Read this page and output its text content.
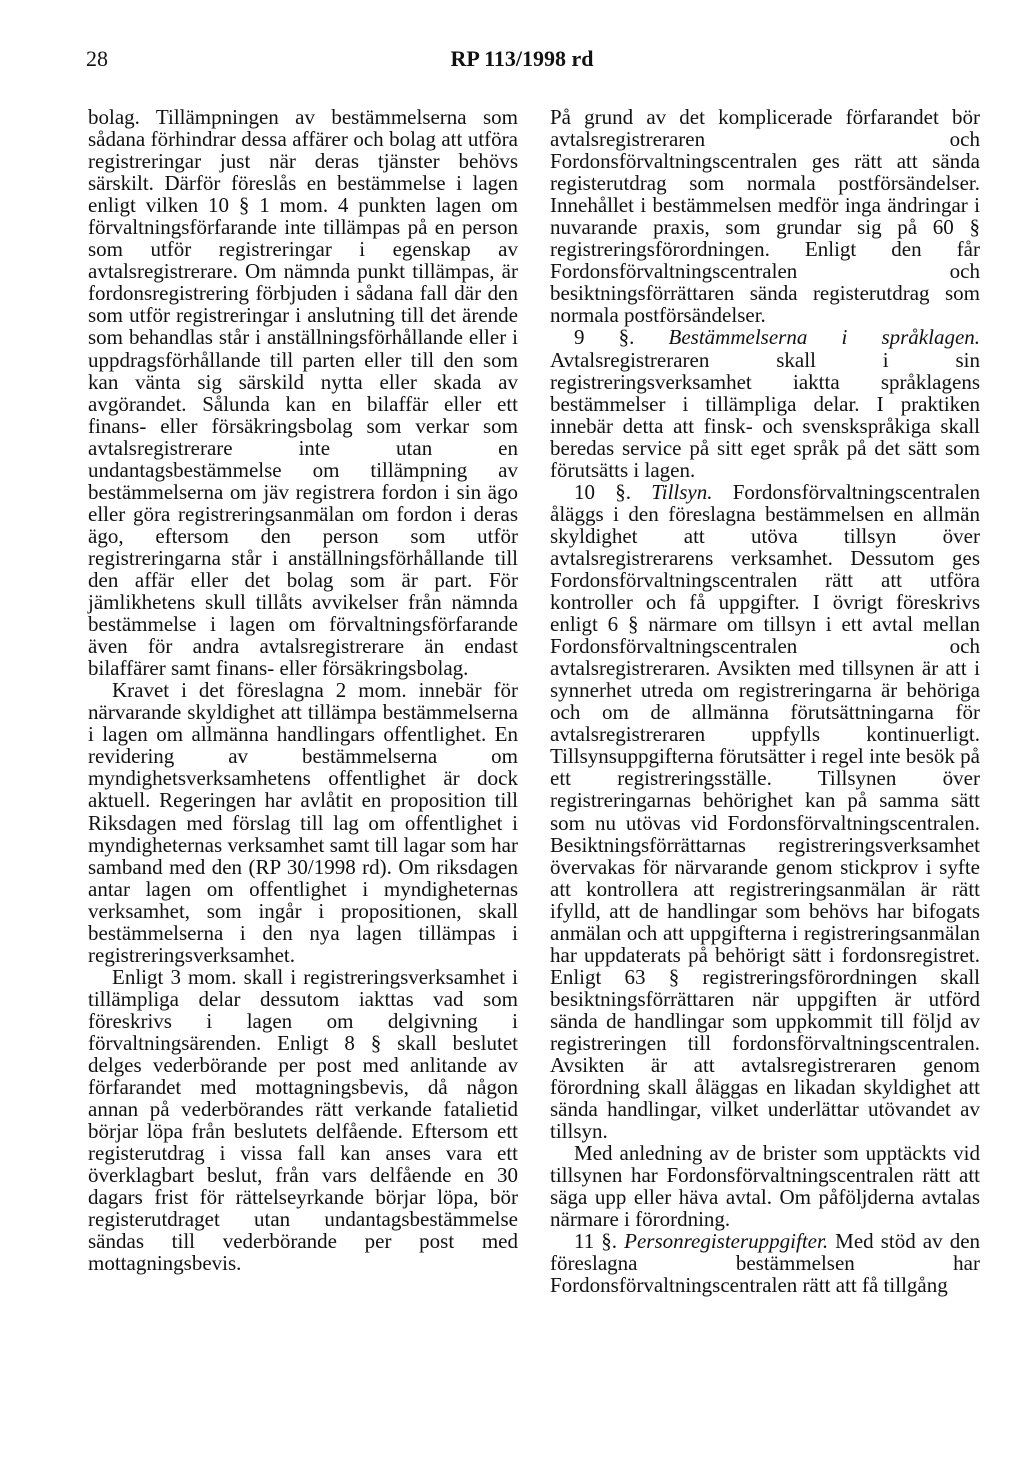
28	RP 113/1998 rd

bolag. Tillämpningen av bestämmelserna som sådana förhindrar dessa affärer och bolag att utföra registreringar just när deras tjänster behövs särskilt. Därför föreslås en bestämmelse i lagen enligt vilken 10 § 1 mom. 4 punkten lagen om förvaltningsförfarande inte tillämpas på en person som utför registreringar i egenskap av avtalsregistrerare. Om nämnda punkt tillämpas, är fordonsregistrering förbjuden i sådana fall där den som utför registreringar i anslutning till det ärende som behandlas står i anställningsförhållande eller i uppdragsförhållande till parten eller till den som kan vänta sig särskild nytta eller skada av avgörandet. Sålunda kan en bilaffär eller ett finans- eller försäkringsbolag som verkar som avtalsregistrerare inte utan en undantagsbestämmelse om tillämpning av bestämmelserna om jäv registrera fordon i sin ägo eller göra registreringsanmälan om fordon i deras ägo, eftersom den person som utför registreringarna står i anställningsförhållande till den affär eller det bolag som är part. För jämlikhetens skull tillåts avvikelser från nämnda bestämmelse i lagen om förvaltningsförfarande även för andra avtalsregistrerare än endast bilaffärer samt finans- eller försäkringsbolag.

Kravet i det föreslagna 2 mom. innebär för närvarande skyldighet att tillämpa bestämmelserna i lagen om allmänna handlingars offentlighet. En revidering av bestämmelserna om myndighetsverksamhetens offentlighet är dock aktuell. Regeringen har avlåtit en proposition till Riksdagen med förslag till lag om offentlighet i myndigheternas verksamhet samt till lagar som har samband med den (RP 30/1998 rd). Om riksdagen antar lagen om offentlighet i myndigheternas verksamhet, som ingår i propositionen, skall bestämmelserna i den nya lagen tillämpas i registreringsverksamhet.

Enligt 3 mom. skall i registreringsverksamhet i tillämpliga delar dessutom iakttas vad som föreskrivs i lagen om delgivning i förvaltningsärenden. Enligt 8 § skall beslutet delges vederbörande per post med anlitande av förfarandet med mottagningsbevis, då någon annan på vederbörandes rätt verkande fatalietid börjar löpa från beslutets delfående. Eftersom ett registerutdrag i vissa fall kan anses vara ett överklagbart beslut, från vars delfående en 30 dagars frist för rättelseyrkande börjar löpa, bör registerutdraget utan undantagsbestämmelse sändas till vederbörande per post med mottagningsbevis.

På grund av det komplicerade förfarandet bör avtalsregistreraren och Fordonsförvaltningscentralen ges rätt att sända registerutdrag som normala postförsändelser. Innehållet i bestämmelsen medför inga ändringar i nuvarande praxis, som grundar sig på 60 § registreringsförordningen. Enligt den får Fordonsförvaltningscentralen och besiktningsförrättaren sända registerutdrag som normala postförsändelser.

9 §. Bestämmelserna i språklagen. Avtalsregistreraren skall i sin registreringsverksamhet iaktta språklagens bestämmelser i tillämpliga delar. I praktiken innebär detta att finsk- och svenskspråkiga skall beredas service på sitt eget språk på det sätt som förutsätts i lagen.

10 §. Tillsyn. Fordonsförvaltningscentralen åläggs i den föreslagna bestämmelsen en allmän skyldighet att utöva tillsyn över avtalsregistrerarens verksamhet. Dessutom ges Fordonsförvaltningscentralen rätt att utföra kontroller och få uppgifter. I övrigt föreskrivs enligt 6 § närmare om tillsyn i ett avtal mellan Fordonsförvaltningscentralen och avtalsregistreraren. Avsikten med tillsynen är att i synnerhet utreda om registreringarna är behöriga och om de allmänna förutsättningarna för avtalsregistreraren uppfylls kontinuerligt. Tillsynsuppgifterna förutsätter i regel inte besök på ett registreringsställe. Tillsynen över registreringarnas behörighet kan på samma sätt som nu utövas vid Fordonsförvaltningscentralen. Besiktningsförrättarnas registreringsverksamhet övervakas för närvarande genom stickprov i syfte att kontrollera att registreringsanmälan är rätt ifylld, att de handlingar som behövs har bifogats anmälan och att uppgifterna i registreringsanmälan har uppdaterats på behörigt sätt i fordonsregistret. Enligt 63 § registreringsförordningen skall besiktningsförrättaren när uppgiften är utförd sända de handlingar som uppkommit till följd av registreringen till fordonsförvaltningscentralen. Avsikten är att avtalsregistreraren genom förordning skall åläggas en likadan skyldighet att sända handlingar, vilket underlättar utövandet av tillsyn.

Med anledning av de brister som upptäckts vid tillsynen har Fordonsförvaltningscentralen rätt att säga upp eller häva avtal. Om påföljderna avtalas närmare i förordning.

11 §. Personregisteruppgifter. Med stöd av den föreslagna bestämmelsen har Fordonsförvaltningscentralen rätt att få tillgång
